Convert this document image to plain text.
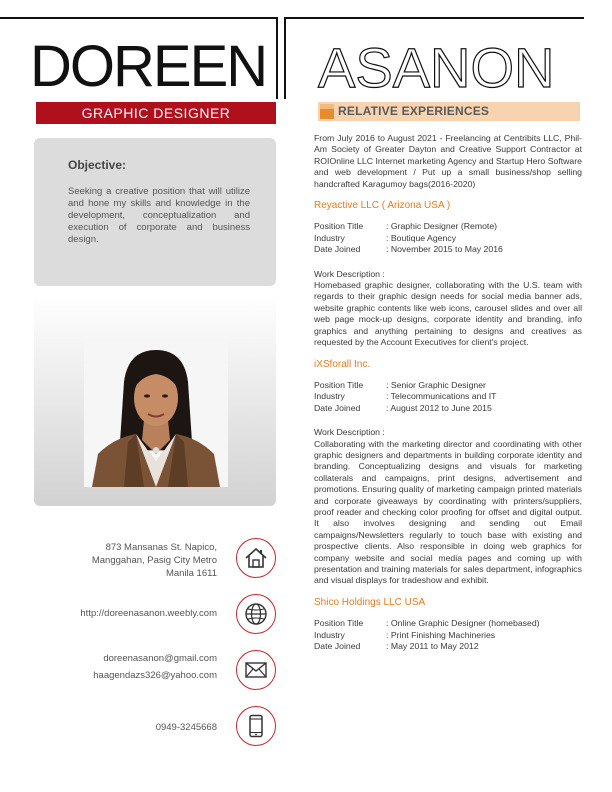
DOREEN ASANON
GRAPHIC DESIGNER	RELATIVE EXPERIENCES
Objective:

Seeking a creative position that will utilize and hone my skills and knowledge in the development, conceptualization and execution of corporate and business design.

873 Mansanas St. Napico,
Manggahan, Pasig City Metro
Manila 1611
http://doreenasanon.weebly.com
doreenasanon@gmail.com
haagendazs326@yahoo.com
0949-3245668

From July 2016 to August 2021 - Freelancing at Centribits LLC, Phil-Am Society of Greater Dayton and Creative Support Contractor at ROIOnline LLC Internet marketing Agency and Startup Hero Software and web development / Put up a small business/shop selling handcrafted Karagumoy bags(2016-2020)

Reyactive LLC ( Arizona USA )
Position Title	: Graphic Designer (Remote)
Industry	: Boutique Agency
Date Joined	: November 2015 to May 2016
Work Description :

Homebased graphic designer, collaborating with the U.S. team with regards to their graphic design needs for social media banner ads, website graphic contents like web icons, carousel slides and over all web page mock-up designs, corporate identity and branding, info graphics and anything pertaining to designs and creatives as requested by the Account Executives for client's project.

iXSforall Inc.
Position Title	: Senior Graphic Designer
Industry	: Telecommunications and IT
Date Joined	: August 2012 to June 2015
Work Description :

Collaborating with the marketing director and coordinating with other graphic designers and departments in building corporate identity and branding. Conceptualizing designs and visuals for marketing collaterals and campaigns, print designs, advertisement and promotions. Ensuring quality of marketing campaign printed materials and corporate giveaways by coordinating with printers/suppliers, proof reader and checking color proofing for offset and digital output. It also involves designing and sending out Email campaigns/Newsletters regularly to touch base with existing and prospective clients. Also responsible in doing web graphics for company website and social media pages and coming up with presentation and training materials for sales department, infographics and visual displays for tradeshow and exhibit.

Shico Holdings LLC USA
Position Title	: Online Graphic Designer (homebased)
Industry	: Print Finishing Machineries
Date Joined	: May 2011 to May 2012
